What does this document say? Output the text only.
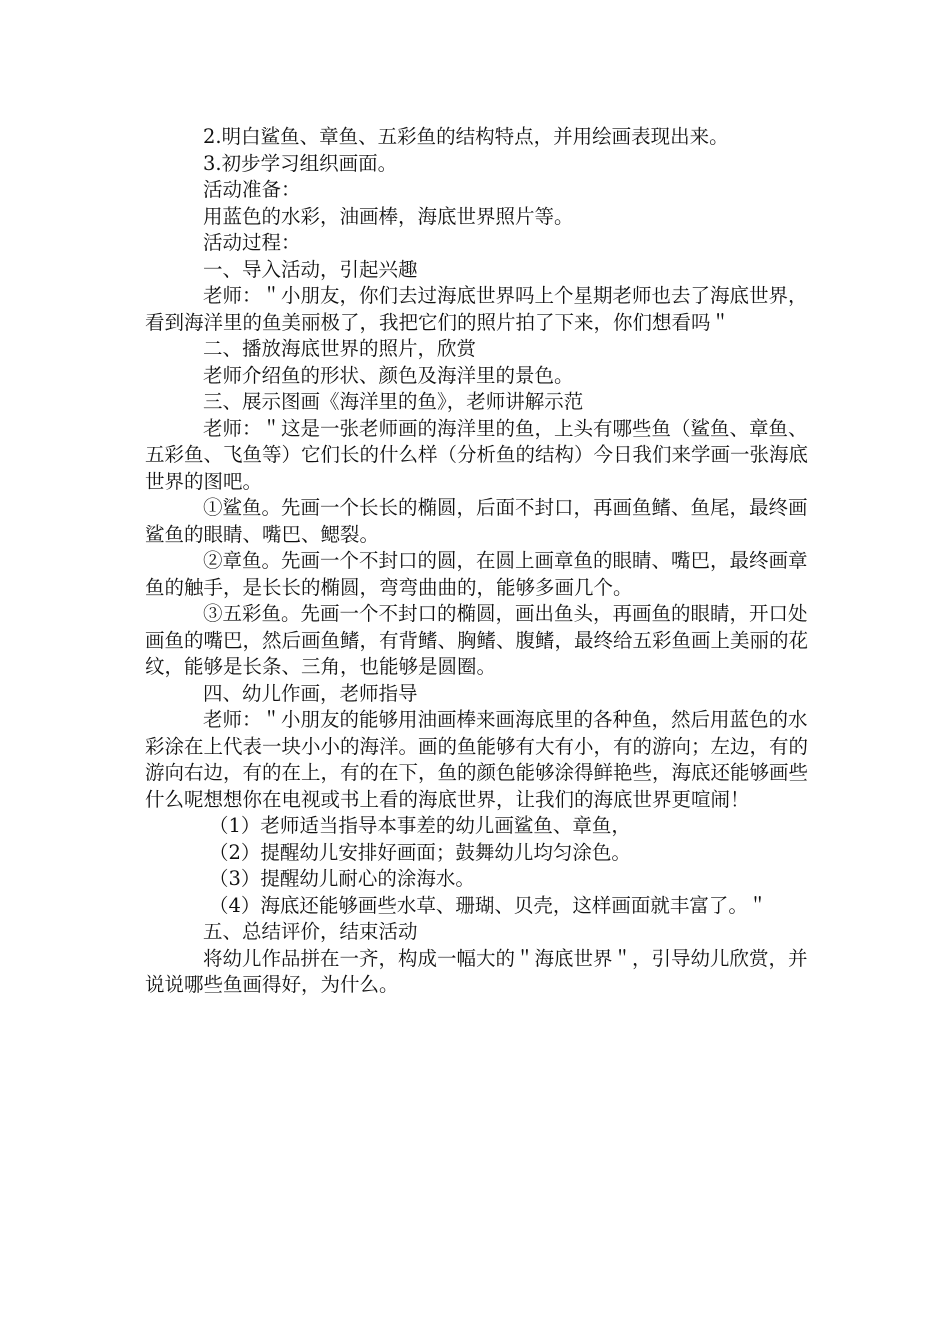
2.明白鲨鱼、章鱼、五彩鱼的结构特点，并用绘画表现出来。

3.初步学习组织画面。

活动准备：

用蓝色的水彩，油画棒，海底世界照片等。

活动过程：

一、导入活动，引起兴趣

老师：＂小朋友，你们去过海底世界吗上个星期老师也去了海底世界，看到海洋里的鱼美丽极了，我把它们的照片拍了下来，你们想看吗＂

二、播放海底世界的照片，欣赏

老师介绍鱼的形状、颜色及海洋里的景色。

三、展示图画《海洋里的鱼》，老师讲解示范

老师：＂这是一张老师画的海洋里的鱼，上头有哪些鱼（鲨鱼、章鱼、五彩鱼、飞鱼等）它们长的什么样（分析鱼的结构）今日我们来学画一张海底世界的图吧。

①鲨鱼。先画一个长长的椭圆，后面不封口，再画鱼鳍、鱼尾，最终画鲨鱼的眼睛、嘴巴、鳃裂。

②章鱼。先画一个不封口的圆，在圆上画章鱼的眼睛、嘴巴，最终画章鱼的触手，是长长的椭圆，弯弯曲曲的，能够多画几个。

③五彩鱼。先画一个不封口的椭圆，画出鱼头，再画鱼的眼睛，开口处画鱼的嘴巴，然后画鱼鳍，有背鳍、胸鳍、腹鳍，最终给五彩鱼画上美丽的花纹，能够是长条、三角，也能够是圆圈。

四、幼儿作画，老师指导

老师：＂小朋友的能够用油画棒来画海底里的各种鱼，然后用蓝色的水彩涂在上代表一块小小的海洋。画的鱼能够有大有小，有的游向；左边，有的游向右边，有的在上，有的在下，鱼的颜色能够涂得鲜艳些，海底还能够画些什么呢想想你在电视或书上看的海底世界，让我们的海底世界更喧闹！

（1）老师适当指导本事差的幼儿画鲨鱼、章鱼，

（2）提醒幼儿安排好画面；鼓舞幼儿均匀涂色。

（3）提醒幼儿耐心的涂海水。

（4）海底还能够画些水草、珊瑚、贝壳，这样画面就丰富了。＂

五、总结评价，结束活动

将幼儿作品拼在一齐，构成一幅大的＂海底世界＂，引导幼儿欣赏，并说说哪些鱼画得好，为什么。
